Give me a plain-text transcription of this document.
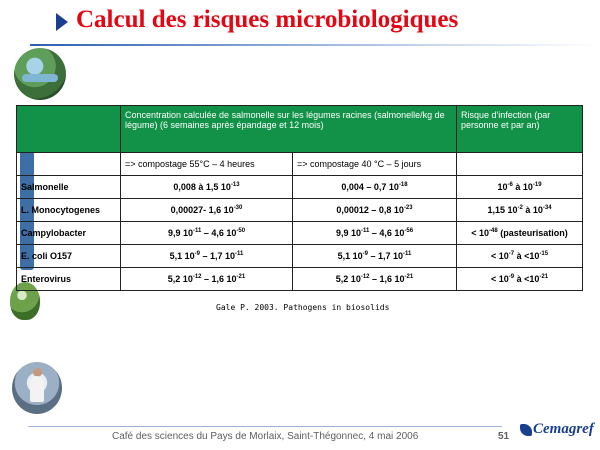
Calcul des risques microbiologiques
	Concentration calculée de salmonelle sur les légumes racines (salmonelle/kg de légume) (6 semaines après épandage et 12 mois)		Risque d'infection (par personne et par an)
	=> compostage 55°C – 4 heures	=> compostage 40 °C – 5 jours	
Salmonelle	0,008 à 1,5 $10^{-13}$	0,004 – 0,7 $10^{-18}$	$10^{-6}$ à $10^{-19}$
L. Monocytogenes	0,00027- 1,6 $10^{-30}$	0,00012 – 0,8 $10^{-23}$	1,15 $10^{-2}$ à $10^{-34}$
Campylobacter	9,9 $10^{-11} - 4,6$ $10^{-50}$	9,9 $10^{-11} - 4,6$ $10^{-56}$	< $10^{-48}$ (pasteurisation)
E. coli O157	5,1 $10^{-9} - 1,7$ $10^{-11}$	5,1 $10^{-9} - 1,7$ $10^{-11}$	< $10^{-7}$ à $<10^{-15}$
Enterovirus	5,2 $10^{-12} - 1,6$ $10^{-21}$	5,2 $10^{-12} - 1,6$ $10^{-21}$	< $10^{-9}$ à $<10^{-21}$
Gale P. 2003. Pathogens in biosolids
Café des sciences du Pays de Morlaix, Saint-Thégonnec, 4 mai 2006	51 Cemagref
